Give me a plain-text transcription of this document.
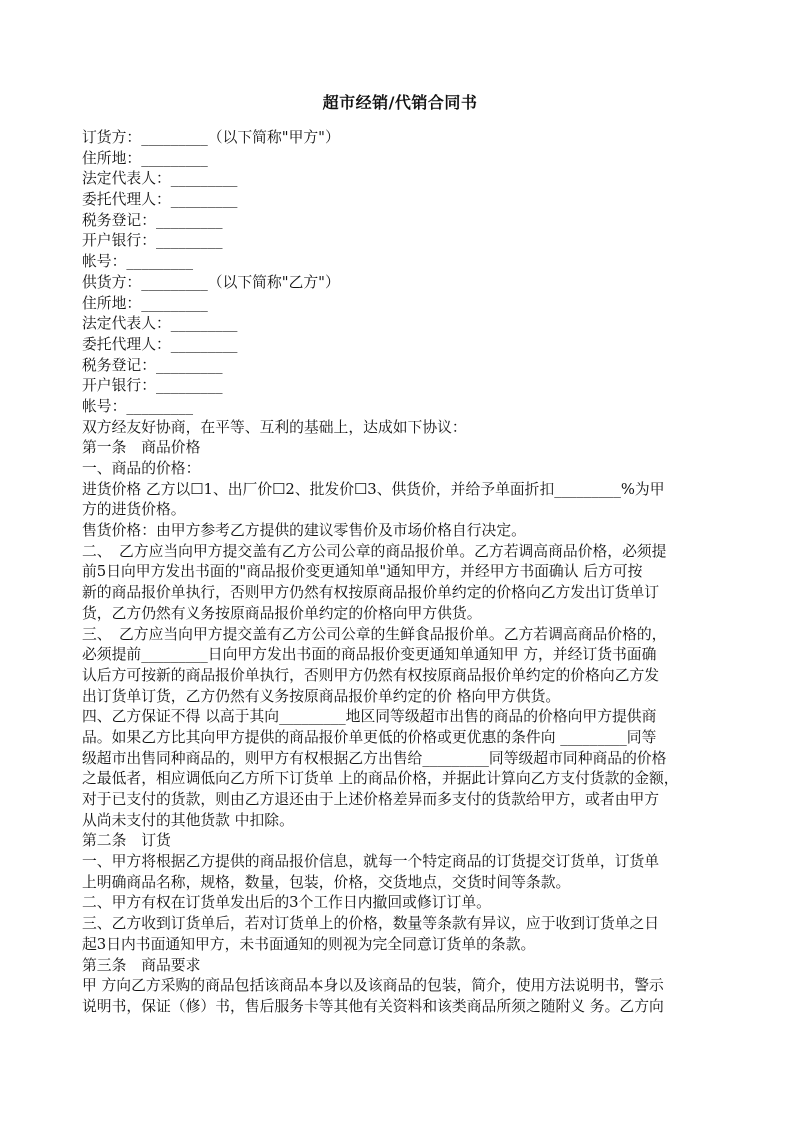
超市经销/代销合同书
订货方：_________（以下简称"甲方"）
住所地：_________
法定代表人：_________
委托代理人：_________
税务登记：_________
开户银行：_________
帐号：_________
供货方：_________（以下简称"乙方"）
住所地：_________
法定代表人：_________
委托代理人：_________
税务登记：_________
开户银行：_________
帐号：_________
双方经友好协商，在平等、互利的基础上，达成如下协议：
第一条　商品价格
一、商品的价格：
进货价格 乙方以☐1、出厂价☐2、批发价☐3、供货价，并给予单面折扣_________%为甲
方的进货价格。
售货价格：由甲方参考乙方提供的建议零售价及市场价格自行决定。
二、　乙方应当向甲方提交盖有乙方公司公章的商品报价单。乙方若调高商品价格，必须提
前5日向甲方发出书面的"商品报价变更通知单"通知甲方，并经甲方书面确认 后方可按
新的商品报价单执行，否则甲方仍然有权按原商品报价单约定的价格向乙方发出订货单订
货，乙方仍然有义务按原商品报价单约定的价格向甲方供货。
三、　乙方应当向甲方提交盖有乙方公司公章的生鲜食品报价单。乙方若调高商品价格的，
必须提前_________日向甲方发出书面的商品报价变更通知单通知甲 方，并经订货书面确
认后方可按新的商品报价单执行，否则甲方仍然有权按原商品报价单约定的价格向乙方发
出订货单订货，乙方仍然有义务按原商品报价单约定的价 格向甲方供货。
四、乙方保证不得 以高于其向_________地区同等级超市出售的商品的价格向甲方提供商
品。如果乙方比其向甲方提供的商品报价单更低的价格或更优惠的条件向 _________同等
级超市出售同种商品的，则甲方有权根据乙方出售给_________同等级超市同种商品的价格
之最低者，相应调低向乙方所下订货单 上的商品价格，并据此计算向乙方支付货款的金额，
对于已支付的货款，则由乙方退还由于上述价格差异而多支付的货款给甲方，或者由甲方
从尚未支付的其他货款 中扣除。
第二条　订货
一、甲方将根据乙方提供的商品报价信息，就每一个特定商品的订货提交订货单，订货单
上明确商品名称，规格，数量，包装，价格，交货地点，交货时间等条款。
二、甲方有权在订货单发出后的3个工作日内撤回或修订订单。
三、乙方收到订货单后，若对订货单上的价格，数量等条款有异议，应于收到订货单之日
起3日内书面通知甲方，未书面通知的则视为完全同意订货单的条款。
第三条　商品要求
甲 方向乙方采购的商品包括该商品本身以及该商品的包装，简介，使用方法说明书，警示
说明书，保证（修）书，售后服务卡等其他有关资料和该类商品所须之随附义 务。乙方向
